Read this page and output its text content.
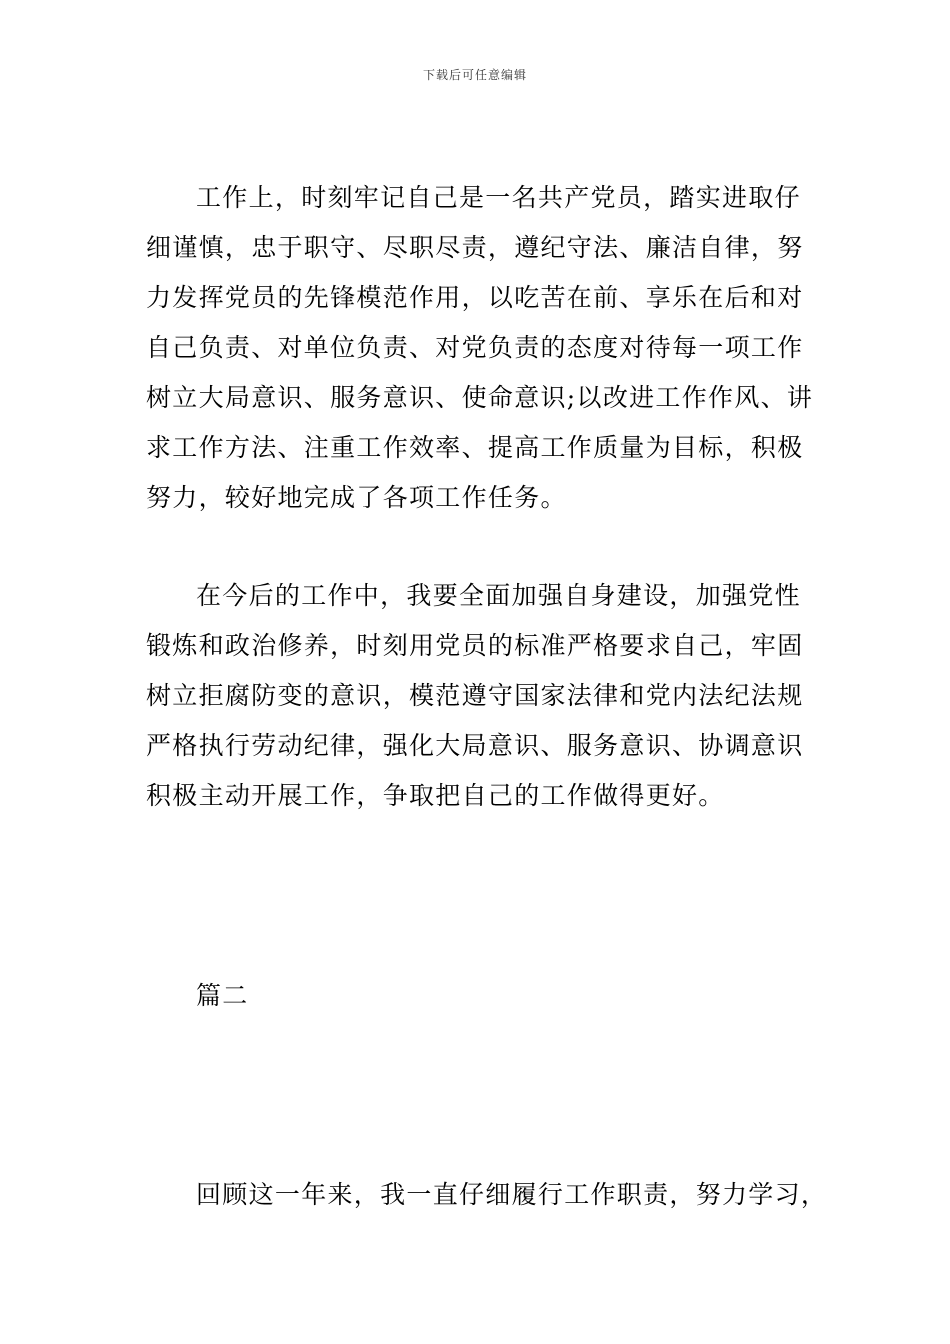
下载后可任意编辑
工作上，时刻牢记自己是一名共产党员，踏实进取仔
细谨慎，忠于职守、尽职尽责，遵纪守法、廉洁自律，努
力发挥党员的先锋模范作用，以吃苦在前、享乐在后和对
自己负责、对单位负责、对党负责的态度对待每一项工作
树立大局意识、服务意识、使命意识;以改进工作作风、讲
求工作方法、注重工作效率、提高工作质量为目标，积极
努力，较好地完成了各项工作任务。
在今后的工作中，我要全面加强自身建设，加强党性
锻炼和政治修养，时刻用党员的标准严格要求自己，牢固
树立拒腐防变的意识，模范遵守国家法律和党内法纪法规
严格执行劳动纪律，强化大局意识、服务意识、协调意识
积极主动开展工作，争取把自己的工作做得更好。
篇二
回顾这一年来，我一直仔细履行工作职责，努力学习，
